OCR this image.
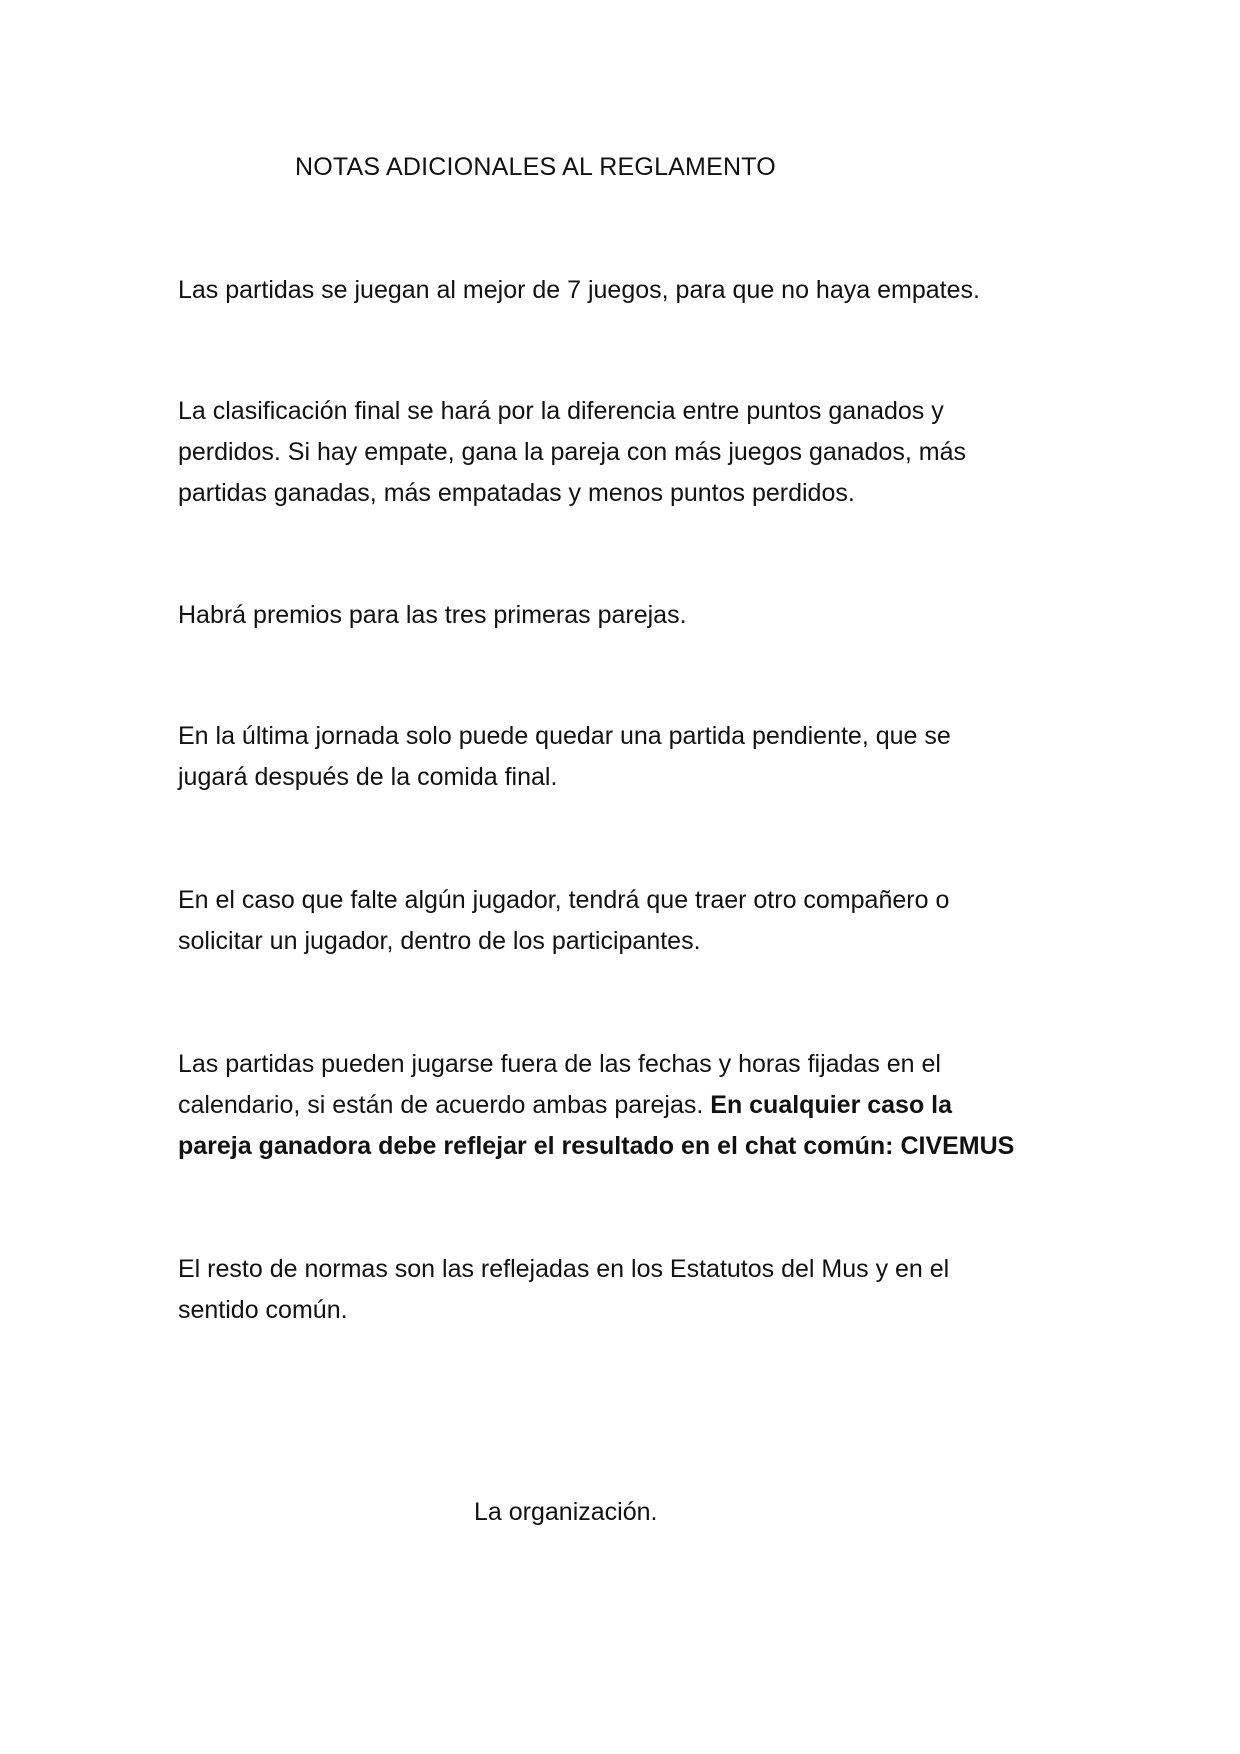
NOTAS ADICIONALES AL REGLAMENTO
Las partidas se juegan al mejor de 7 juegos, para que no haya empates.
La clasificación final se hará por la diferencia entre puntos ganados y
perdidos. Si hay empate, gana la pareja con más juegos ganados, más
partidas ganadas, más empatadas y menos puntos perdidos.
Habrá premios para las tres primeras parejas.
En la última jornada solo puede quedar una partida pendiente, que se
jugará después de la comida final.
En el caso que falte algún jugador, tendrá que traer otro compañero o
solicitar un jugador, dentro de los participantes.
Las partidas pueden jugarse fuera de las fechas y horas fijadas en el
calendario, si están de acuerdo ambas parejas. En cualquier caso la
pareja ganadora debe reflejar el resultado en el chat común: CIVEMUS
El resto de normas son las reflejadas en los Estatutos del Mus y en el
sentido común.
La organización.
